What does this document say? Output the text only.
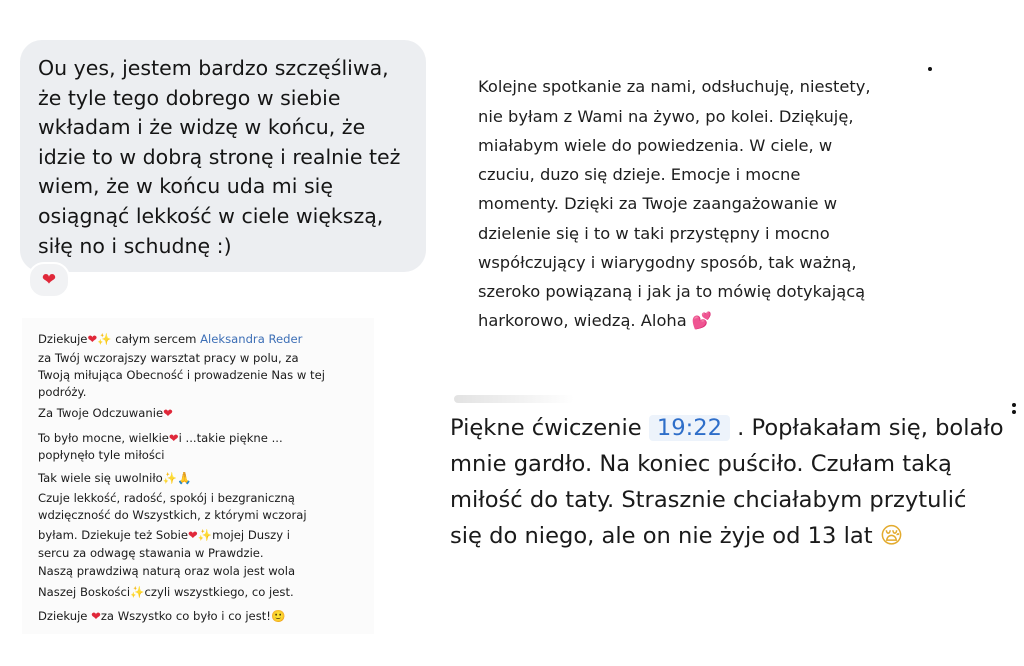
Ou yes, jestem bardzo szczęśliwa,
że tyle tego dobrego w siebie
wkładam i że widzę w końcu, że
idzie to w dobrą stronę i realnie też
wiem, że w końcu uda mi się
osiągnąć lekkość w ciele większą,
siłę no i schudnę :)
❤
Kolejne spotkanie za nami, odsłuchuję, niestety,
nie byłam z Wami na żywo, po kolei. Dziękuję,
miałabym wiele do powiedzenia. W ciele, w
czuciu, duzo się dzieje. Emocje i mocne
momenty. Dzięki za Twoje zaangażowanie w
dzielenie się i to w taki przystępny i mocno
współczujący i wiarygodny sposób, tak ważną,
szeroko powiązaną i jak ja to mówię dotykającą
harkorowo, wiedzą. Aloha 💕
Dziekuje❤✨ całym sercem Aleksandra Reder
za Twój wczorajszy warsztat pracy w polu, za
Twoją miłująca Obecność i prowadzenie Nas w tej
podróży.
Za Twoje Odczuwanie❤
To było mocne, wielkie❤i ...takie piękne ...
popłynęło tyle miłości
Tak wiele się uwolniło✨🙏
Czuje lekkość, radość, spokój i bezgraniczną
wdzięczność do Wszystkich, z którymi wczoraj
byłam. Dziekuje też Sobie❤✨mojej Duszy i
sercu za odwagę stawania w Prawdzie.
Naszą prawdziwą naturą oraz wola jest wola
Naszej Boskości✨czyli wszystkiego, co jest.
Dziekuje ❤za Wszystko co było i co jest!🙂
Piękne ćwiczenie 19:22 . Popłakałam się, bolało
mnie gardło. Na koniec puściło. Czułam taką
miłość do taty. Strasznie chciałabym przytulić
się do niego, ale on nie żyje od 13 lat 😪
